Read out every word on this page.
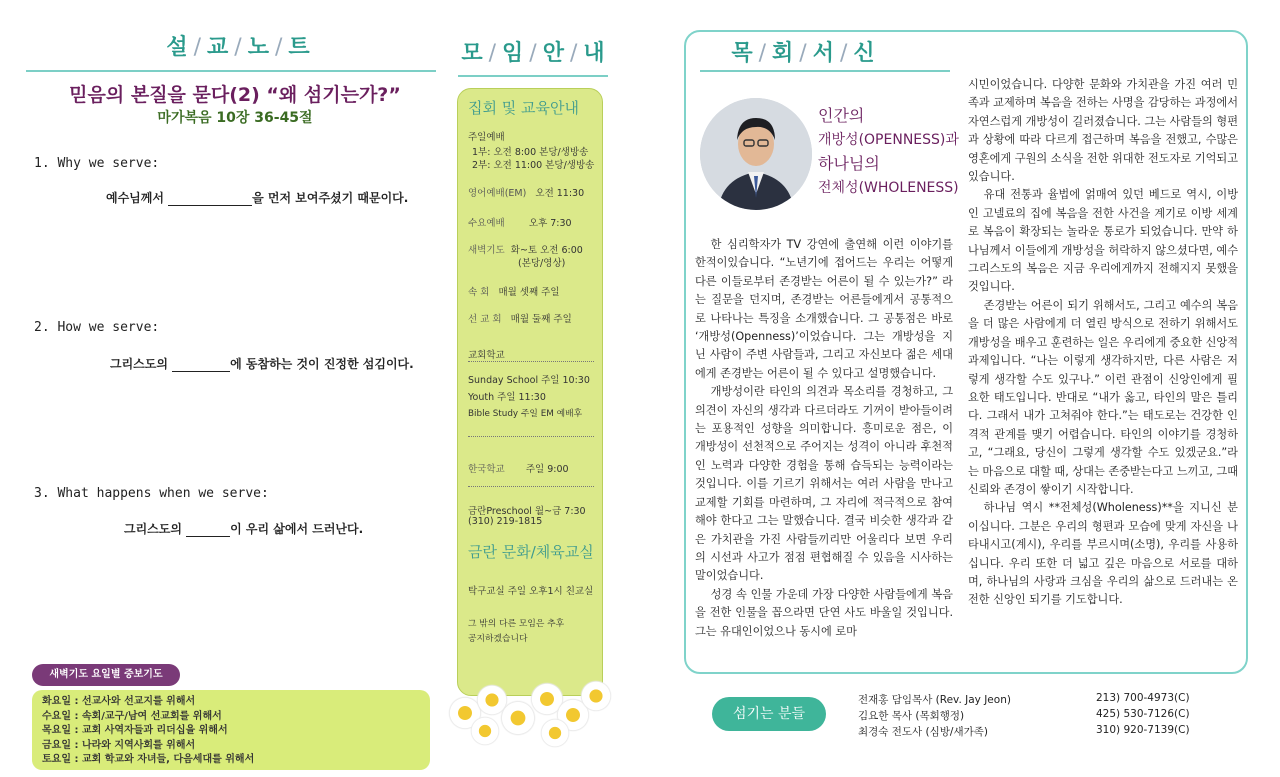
설/교/노/트
믿음의 본질을 묻다(2) “왜 섬기는가?”
마가복음 10장 36-45절
1. Why we serve:
예수님께서	을 먼저 보여주셨기 때문이다.
2. How we serve:
그리스도의	에 동참하는 것이 진정한 섬김이다.
3. What happens when we serve:
그리스도의	이 우리 삶에서 드러난다.
새벽기도 요일별 중보기도
화요일 : 선교사와 선교지를 위해서
수요일 : 속회/교구/남여 선교회를 위해서
목요일 : 교회 사역자들과 리더십을 위해서
금요일 : 나라와 지역사회를 위해서
토요일 : 교회 학교와 자녀들, 다음세대를 위해서
모/임/안/내
집회 및 교육안내
주일예배
1부: 오전 8:00 본당/생방송
2부: 오전 11:00 본당/생방송
영어예배(EM) 오전 11:30
수요예배	오후 7:30
새벽기도 화~토 오전 6:00
(본당/영상)
속 회 매월 셋째 주일
선 교 회 매월 둘째 주일
교회학교
Sunday School 주일 10:30
Youth 주일 11:30
Bible Study 주일 EM 예배후
한국학교 주일 9:00
금란Preschool 월~금 7:30
(310) 219-1815
금란 문화/체육교실
탁구교실 주일 오후1시 친교실
그 밖의 다른 모임은 추후
공지하겠습니다
목/회/서/신
인간의
개방성(OPENNESS)과
하나님의
전체성(WHOLENESS)

한 심리학자가 TV 강연에 출연해 이런 이야기를 한적이있습니다. “노년기에 접어드는 우리는 어떻게 다른 이들로부터 존경받는 어른이 될 수 있는가?” 라는 질문을 던지며, 존경받는 어른들에게서 공통적으로 나타나는 특징을 소개했습니다. 그 공통점은 바로 ‘개방성(Openness)’이었습니다. 그는 개방성을 지닌 사람이 주변 사람들과, 그리고 자신보다 젊은 세대에게 존경받는 어른이 될 수 있다고 설명했습니다.

개방성이란 타인의 의견과 목소리를 경청하고, 그 의견이 자신의 생각과 다르더라도 기꺼이 받아들이려는 포용적인 성향을 의미합니다. 흥미로운 점은, 이 개방성이 선천적으로 주어지는 성격이 아니라 후천적인 노력과 다양한 경험을 통해 습득되는 능력이라는 것입니다. 이를 기르기 위해서는 여러 사람을 만나고 교제할 기회를 마련하며, 그 자리에 적극적으로 참여해야 한다고 그는 말했습니다. 결국 비슷한 생각과 같은 가치관을 가진 사람들끼리만 어울리다 보면 우리의 시선과 사고가 점점 편협해질 수 있음을 시사하는 말이었습니다.

성경 속 인물 가운데 가장 다양한 사람들에게 복음을 전한 인물을 꼽으라면 단연 사도 바울일 것입니다. 그는 유대인이었으나 동시에 로마

시민이었습니다. 다양한 문화와 가치관을 가진 여러 민족과 교제하며 복음을 전하는 사명을 감당하는 과정에서 자연스럽게 개방성이 길러졌습니다. 그는 사람들의 형편과 상황에 따라 다르게 접근하며 복음을 전했고, 수많은 영혼에게 구원의 소식을 전한 위대한 전도자로 기억되고 있습니다.

유대 전통과 율법에 얽매여 있던 베드로 역시, 이방인 고넬료의 집에 복음을 전한 사건을 계기로 이방 세계로 복음이 확장되는 놀라운 통로가 되었습니다. 만약 하나님께서 이들에게 개방성을 허락하지 않으셨다면, 예수 그리스도의 복음은 지금 우리에게까지 전해지지 못했을 것입니다.

존경받는 어른이 되기 위해서도, 그리고 예수의 복음을 더 많은 사람에게 더 열린 방식으로 전하기 위해서도 개방성을 배우고 훈련하는 일은 우리에게 중요한 신앙적 과제입니다. “나는 이렇게 생각하지만, 다른 사람은 저렇게 생각할 수도 있구나.” 이런 관점이 신앙인에게 필요한 태도입니다. 반대로 “내가 옳고, 타인의 말은 틀리다. 그래서 내가 고쳐줘야 한다.”는 태도로는 건강한 인격적 관계를 맺기 어렵습니다. 타인의 이야기를 경청하고, “그래요, 당신이 그렇게 생각할 수도 있겠군요.”라는 마음으로 대할 때, 상대는 존중받는다고 느끼고, 그때 신뢰와 존경이 쌓이기 시작합니다.

하나님 역시 **전체성(Wholeness)**을 지니신 분이십니다. 그분은 우리의 형편과 모습에 맞게 자신을 나타내시고(계시), 우리를 부르시며(소명), 우리를 사용하십니다. 우리 또한 더 넓고 깊은 마음으로 서로를 대하며, 하나님의 사랑과 크심을 우리의 삶으로 드러내는 온전한 신앙인 되기를 기도합니다.

섬기는 분들
전재홍 담임목사 (Rev. Jay Jeon)	213) 700-4973(C)
김요한 목사 (목회행정)	425) 530-7126(C)
최경숙 전도사 (심방/새가족)	310) 920-7139(C)
